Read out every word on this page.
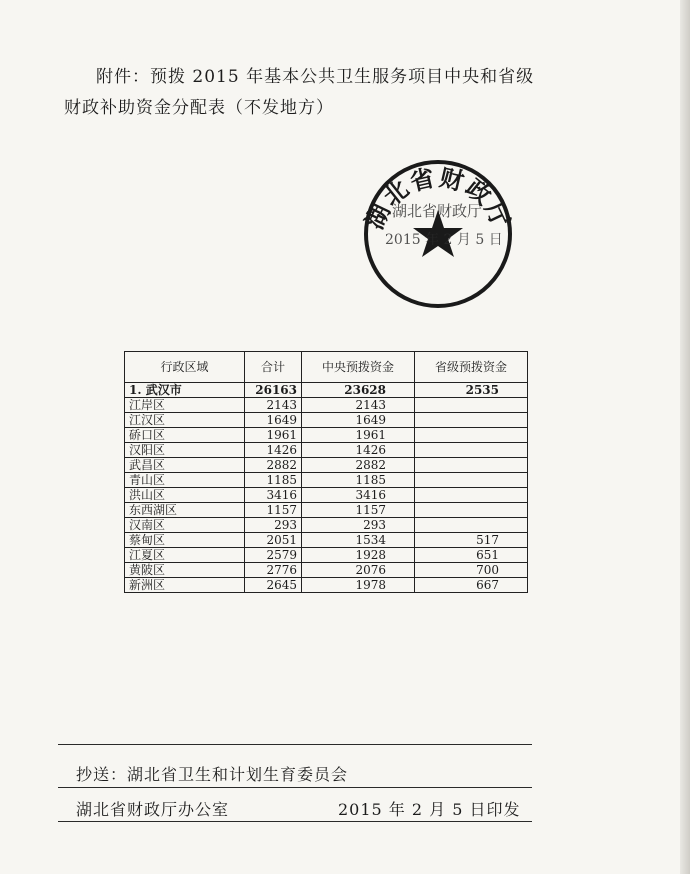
附件：预拨 2015 年基本公共卫生服务项目中央和省级
财政补助资金分配表（不发地方）
湖北省财政厅
湖北省财政厅
2015 年 2 月 5 日
行政区域	合计	中央预拨资金	省级预拨资金
1. 武汉市	26163	23628	2535
江岸区	2143	2143	
江汉区	1649	1649	
硚口区	1961	1961	
汉阳区	1426	1426	
武昌区	2882	2882	
青山区	1185	1185	
洪山区	3416	3416	
东西湖区	1157	1157	
汉南区	293	293	
蔡甸区	2051	1534	517
江夏区	2579	1928	651
黄陂区	2776	2076	700
新洲区	2645	1978	667
抄送：湖北省卫生和计划生育委员会
湖北省财政厅办公室	2015 年 2 月 5 日印发
